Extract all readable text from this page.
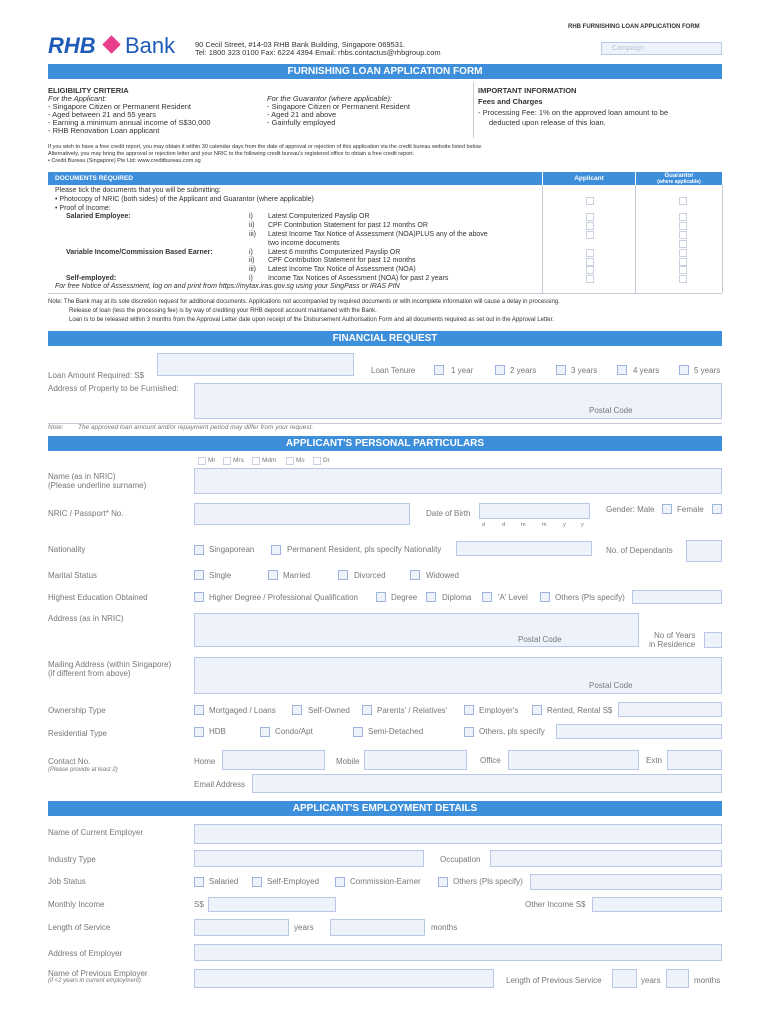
RHB FURNISHING LOAN APPLICATION FORM
RHB Bank	90 Cecil Street, #14-03 RHB Bank Building, Singapore 069531.
Tel: 1800 323 0100 Fax: 6224 4394 Email: rhbs.contactus@rhbgroup.com	Campaign
FURNISHING LOAN APPLICATION FORM
ELIGIBILITY CRITERIA
For the Applicant:
- Singapore Citizen or Permanent Resident
- Aged between 21 and 55 years
- Earning a minimum annual income of S$30,000
- RHB Renovation Loan applicant
For the Guarantor (where applicable):
- Singapore Citizen or Permanent Resident
- Aged 21 and above
- Gainfully employed
IMPORTANT INFORMATION
Fees and Charges
- Processing Fee: 1% on the approved loan amount to be
deducted upon release of this loan.
If you wish to have a free credit report, you may obtain it within 30 calendar days from the date of approval or rejection of this application via the credit bureau website listed below.
Alternatively, you may bring the approval or rejection letter and your NRIC to the following credit bureau's registered office to obtain a free credit report.
• Credit Bureau (Singapore) Pte Ltd: www.creditbureau.com.sg
DOCUMENTS REQUIRED	Applicant	Guarantor
(where applicable)
Please tick the documents that you will be submitting:
• Photocopy of NRIC (both sides) of the Applicant and Guarantor (where applicable)
• Proof of Income:
Salaried Employee:	i) Latest Computerized Payslip OR
ii) CPF Contribution Statement for past 12 months OR
iii) Latest Income Tax Notice of Assessment (NOA)PLUS any of the above
two income documents
Variable Income/Commission Based Earner:	i) Latest 6 months Computerized Payslip OR
ii) CPF Contribution Statement for past 12 months
iii) Latest Income Tax Notice of Assessment (NOA)
Self-employed:	i) Income Tax Notices of Assessment (NOA) for past 2 years
For free Notice of Assessment, log on and print from https://mytax.iras.gov.sg using your SingPass or IRAS PIN
Note: The Bank may at its sole discretion request for additional documents. Applications not accompanied by required documents or with incomplete information will cause a delay in processing.
Release of loan (less the processing fee) is by way of crediting your RHB deposit account maintained with the Bank.
Loan is to be released within 3 months from the Approval Letter date upon receipt of the Disbursement Authorisation Form and all documents required as set out in the Approval Letter.
FINANCIAL REQUEST
Loan Amount Required: S$
Loan Tenure	1 year	2 years	3 years	4 years	5 years
Address of Property to be Furnished:
Postal Code
Note: The approved loan amount and/or repayment period may differ from your request.
APPLICANT'S PERSONAL PARTICULARS
Mr	Mrs	Mdm	Ms	Dr
Name (as in NRIC)
(Please underline surname)
NRIC / Passport* No.	Date of Birth
d	d	m	m	y	y
Gender: Male	Female
Nationality	Singaporean	Permanent Resident, pls specify Nationality	No. of Dependants
Marital Status	Single	Married	Divorced	Widowed
Highest Education Obtained	Higher Degree / Professional Qualification	Degree	Diploma	'A' Level	Others (Pls specify)
Address (as in NRIC)
Postal Code	No of Years
in Residence
Mailing Address (within Singapore)
(if different from above)
Postal Code
Ownership Type	Mortgaged / Loans	Self-Owned	Parents' / Relatives'	Employer's	Rented, Rental S$
Residential Type	HDB	Condo/Apt	Semi-Detached	Others, pls specify
Contact No.
(Please provide at least 2)
Home	Mobile	Office	Extn
Email Address
APPLICANT'S EMPLOYMENT DETAILS
Name of Current Employer
Industry Type	Occupation
Job Status	Salaried	Self-Employed	Commission-Earner	Others (Pls specify)
Monthly Income	S$	Other Income S$
Length of Service	years	months
Address of Employer
Name of Previous Employer
(if <2 years in current employment)	Length of Previous Service	years	months
